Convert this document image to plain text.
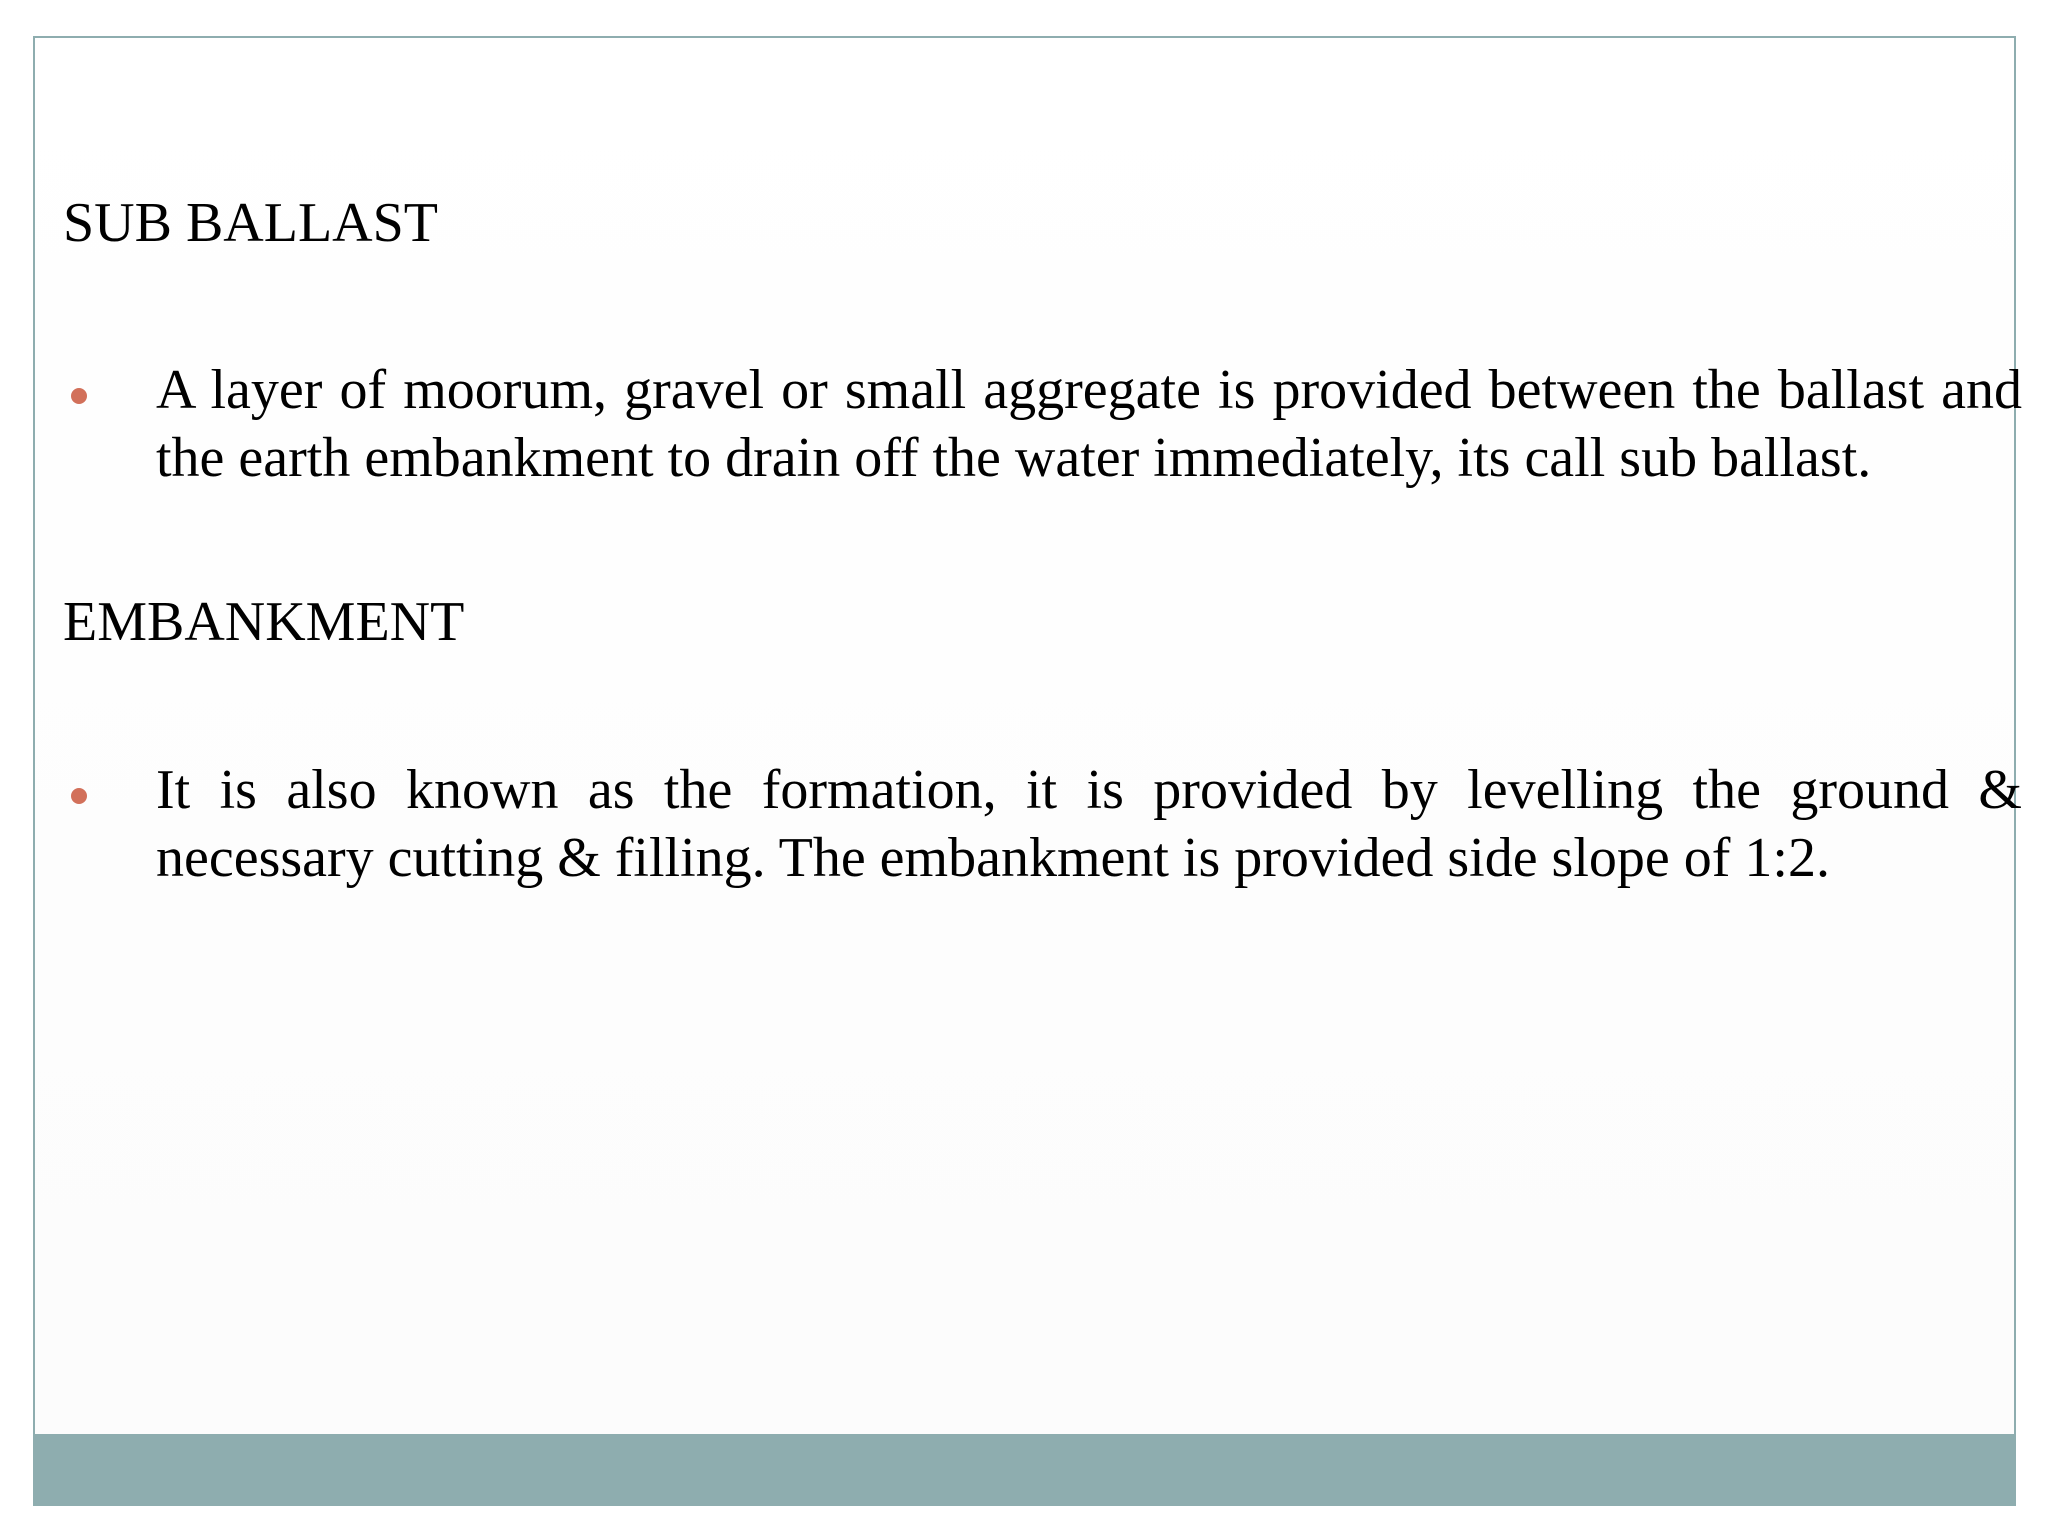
SUB BALLAST

A layer of moorum, gravel or small aggregate is provided between the ballast and the earth embankment to drain off the water immediately, its call sub ballast.

EMBANKMENT

It is also known as the formation, it is provided by levelling the ground & necessary cutting & filling. The embankment is provided side slope of 1:2.
